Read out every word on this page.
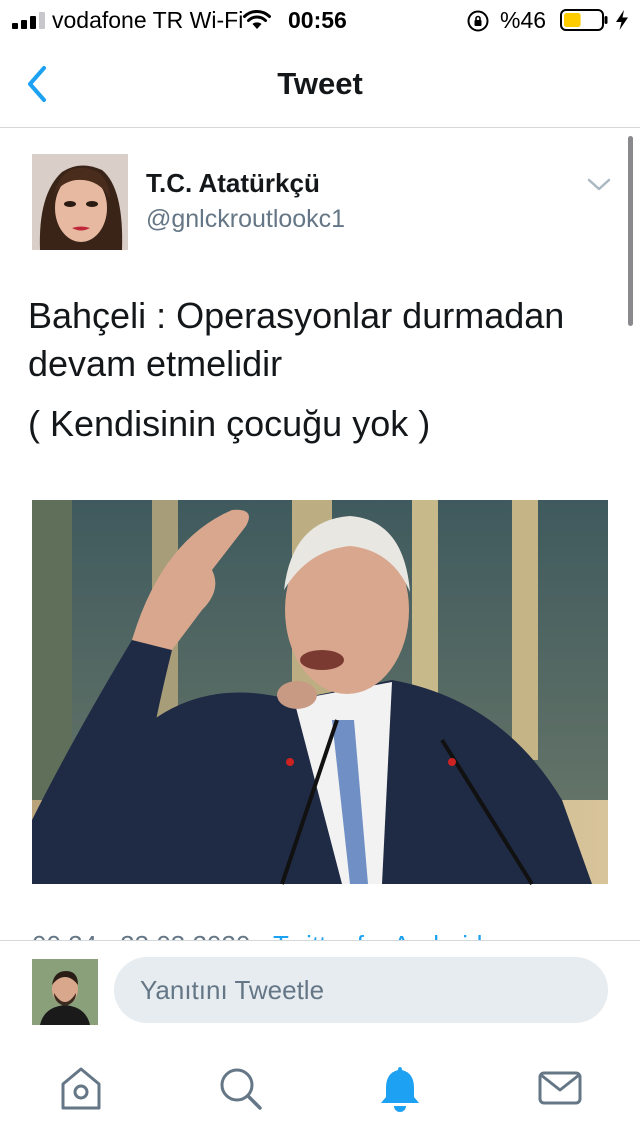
vodafone TR Wi-Fi 00:56	%46
Tweet
T.C. Atatürkçü
@gnlckroutlookc1
Bahçeli : Operasyonlar durmadan devam etmelidir
( Kendisinin çocuğu yok )
Yanıtını Tweetle
